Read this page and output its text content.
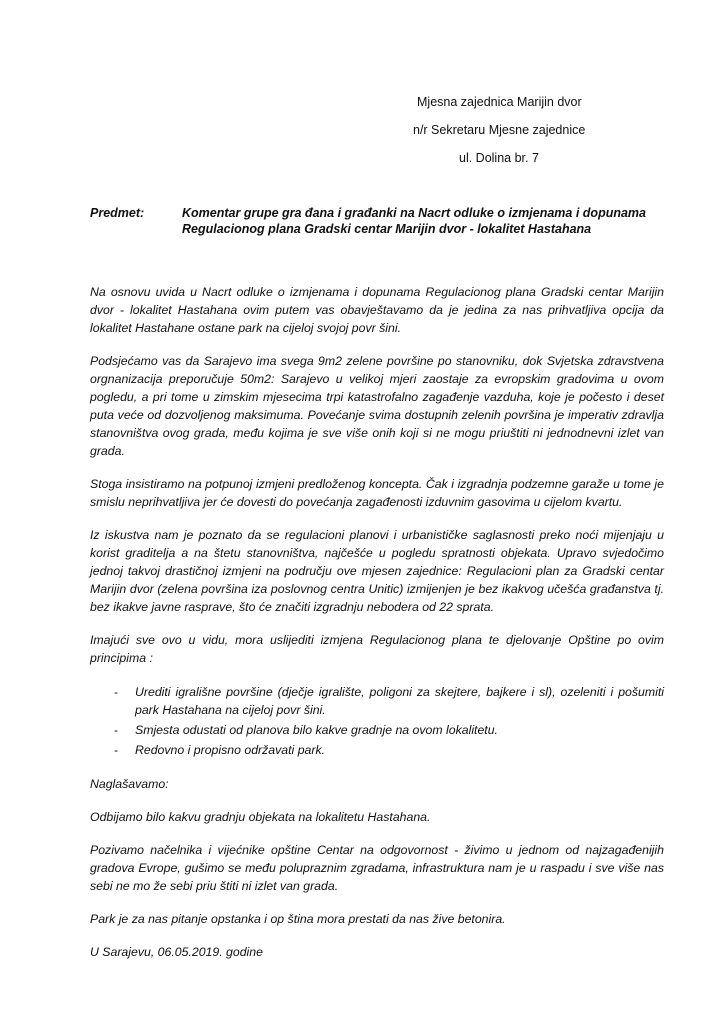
Mjesna zajednica Marijin dvor
n/r Sekretaru Mjesne zajednice
ul. Dolina br. 7
Predmet:	Komentar grupe gra đana i građanki na Nacrt odluke o izmjenama i dopunama Regulacionog plana Gradski centar Marijin dvor - lokalitet Hastahana

Na osnovu uvida u Nacrt odluke o izmjenama i dopunama Regulacionog plana Gradski centar Marijin dvor - lokalitet Hastahana ovim putem vas obavještavamo da je jedina za nas prihvatljiva opcija da lokalitet Hastahane ostane park na cijeloj svojoj povr šini.

Podsjećamo vas da Sarajevo ima svega 9m2 zelene površine po stanovniku, dok Svjetska zdravstvena orgnanizacija preporučuje 50m2: Sarajevo u velikoj mjeri zaostaje za evropskim gradovima u ovom pogledu, a pri tome u zimskim mjesecima trpi katastrofalno zagađenje vazduha, koje je počesto i deset puta veće od dozvoljenog maksimuma. Povećanje svima dostupnih zelenih površina je imperativ zdravlja stanovništva ovog grada, među kojima je sve više onih koji si ne mogu priuštiti ni jednodnevni izlet van grada.

Stoga insistiramo na potpunoj izmjeni predloženog koncepta. Čak i izgradnja podzemne garaže u tome je smislu neprihvatljiva jer će dovesti do povećanja zagađenosti izduvnim gasovima u cijelom kvartu.

Iz iskustva nam je poznato da se regulacioni planovi i urbanističke saglasnosti preko noći mijenjaju u korist graditelja a na štetu stanovništva, najčešće u pogledu spratnosti objekata. Upravo svjedočimo jednoj takvoj drastičnoj izmjeni na području ove mjesen zajednice: Regulacioni plan za Gradski centar Marijin dvor (zelena površina iza poslovnog centra Unitic) izmijenjen je bez ikakvog učešća građanstva tj. bez ikakve javne rasprave, što će značiti izgradnju nebodera od 22 sprata.

Imajući sve ovo u vidu, mora uslijediti izmjena Regulacionog plana te djelovanje Opštine po ovim principima :

- Urediti igrališne površine (dječje igralište, poligoni za skejtere, bajkere i sl), ozeleniti i pošumiti park Hastahana na cijeloj povr šini.
- Smjesta odustati od planova bilo kakve gradnje na ovom lokalitetu.
- Redovno i propisno održavati park.

Naglašavamo:

Odbijamo bilo kakvu gradnju objekata na lokalitetu Hastahana.

Pozivamo načelnika i vijećnike opštine Centar na odgovornost - živimo u jednom od najzagađenijih gradova Evrope, gušimo se među polupraznim zgradama, infrastruktura nam je u raspadu i sve više nas sebi ne mo že sebi priu štiti ni izlet van grada.

Park je za nas pitanje opstanka i op ština mora prestati da nas žive betonira.

U Sarajevu, 06.05.2019. godine
